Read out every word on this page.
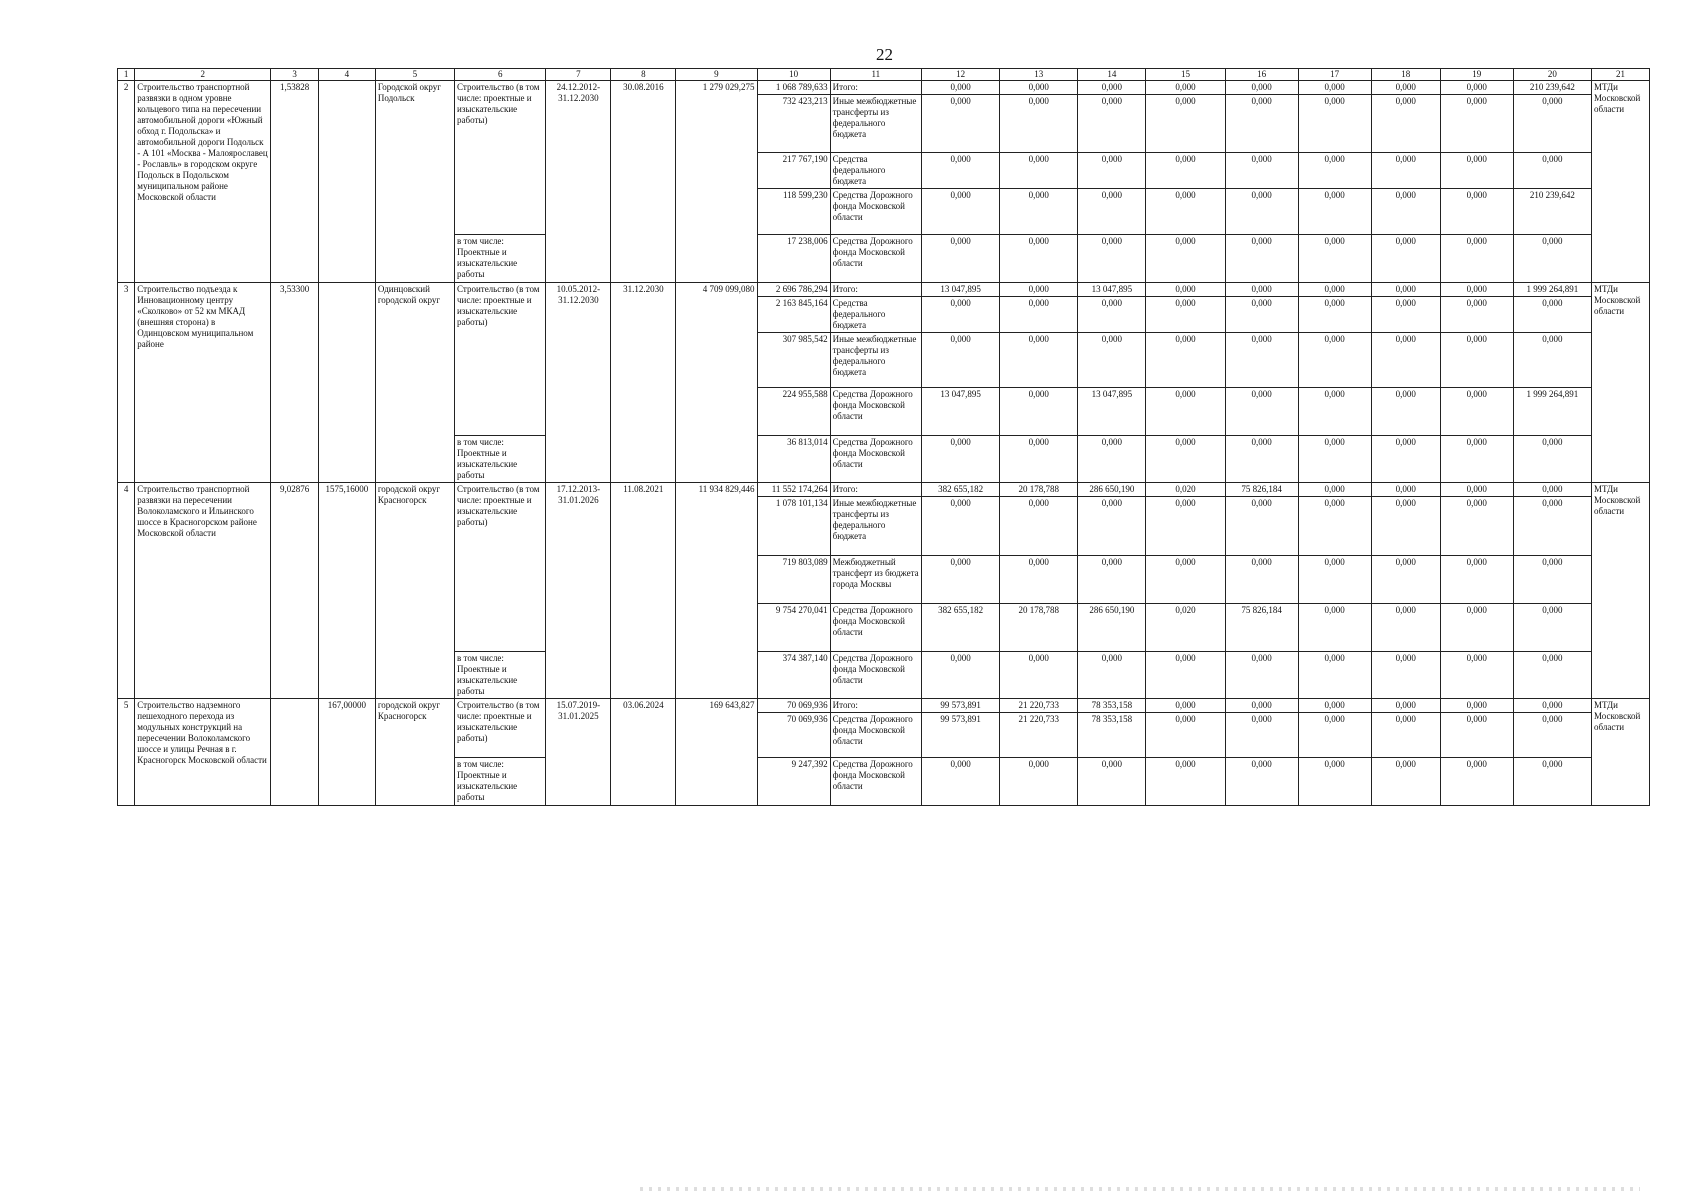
22
1	2	3	4	5	6	7	8	9	10	11	12	13	14	15	16	17	18	19	20	21
2	Строительство транспортной развязки в одном уровне кольцевого типа на пересечении автомобильной дороги «Южный обход г. Подольска» и автомобильной дороги Подольск - А 101 «Москва - Малоярославец - Рославль» в городском округе Подольск в Подольском муниципальном районе Московской области	1,53828		Городской округ Подольск	Строительство (в том числе: проектные и изыскательские работы)	24.12.2012-31.12.2030	30.08.2016	1 279 029,275	1 068 789,633	Итого:	0,000	0,000	0,000	0,000	0,000	0,000	0,000	0,000	210 239,642	МТДи Московской области
									732 423,213	Иные межбюджетные трансферты из федерального бюджета	0,000	0,000	0,000	0,000	0,000	0,000	0,000	0,000	0,000	
									217 767,190	Средства федерального бюджета	0,000	0,000	0,000	0,000	0,000	0,000	0,000	0,000	0,000	
									118 599,230	Средства Дорожного фонда Московской области	0,000	0,000	0,000	0,000	0,000	0,000	0,000	0,000	210 239,642	
					в том числе: Проектные и изыскательские работы				17 238,006	Средства Дорожного фонда Московской области	0,000	0,000	0,000	0,000	0,000	0,000	0,000	0,000	0,000	
3	Строительство подъезда к Инновационному центру «Сколково» от 52 км МКАД (внешняя сторона) в Одинцовском муниципальном районе	3,53300		Одинцовский городской округ	Строительство (в том числе: проектные и изыскательские работы)	10.05.2012-31.12.2030	31.12.2030	4 709 099,080	2 696 786,294	Итого:	13 047,895	0,000	13 047,895	0,000	0,000	0,000	0,000	0,000	1 999 264,891	МТДи Московской области
									2 163 845,164	Средства федерального бюджета	0,000	0,000	0,000	0,000	0,000	0,000	0,000	0,000	0,000	
									307 985,542	Иные межбюджетные трансферты из федерального бюджета	0,000	0,000	0,000	0,000	0,000	0,000	0,000	0,000	0,000	
									224 955,588	Средства Дорожного фонда Московской области	13 047,895	0,000	13 047,895	0,000	0,000	0,000	0,000	0,000	1 999 264,891	
					в том числе: Проектные и изыскательские работы				36 813,014	Средства Дорожного фонда Московской области	0,000	0,000	0,000	0,000	0,000	0,000	0,000	0,000	0,000	
4	Строительство транспортной развязки на пересечении Волоколамского и Ильинского шоссе в Красногорском районе Московской области	9,02876	1575,16000	городской округ Красногорск	Строительство (в том числе: проектные и изыскательские работы)	17.12.2013-31.01.2026	11.08.2021	11 934 829,446	11 552 174,264	Итого:	382 655,182	20 178,788	286 650,190	0,020	75 826,184	0,000	0,000	0,000	0,000	МТДи Московской области
									1 078 101,134	Иные межбюджетные трансферты из федерального бюджета	0,000	0,000	0,000	0,000	0,000	0,000	0,000	0,000	0,000	
									719 803,089	Межбюджетный трансферт из бюджета города Москвы	0,000	0,000	0,000	0,000	0,000	0,000	0,000	0,000	0,000	
									9 754 270,041	Средства Дорожного фонда Московской области	382 655,182	20 178,788	286 650,190	0,020	75 826,184	0,000	0,000	0,000	0,000	
					в том числе: Проектные и изыскательские работы				374 387,140	Средства Дорожного фонда Московской области	0,000	0,000	0,000	0,000	0,000	0,000	0,000	0,000	0,000	
5	Строительство надземного пешеходного перехода из модульных конструкций на пересечении Волоколамского шоссе и улицы Речная в г. Красногорск Московской области		167,00000	городской округ Красногорск	Строительство (в том числе: проектные и изыскательские работы)	15.07.2019-31.01.2025	03.06.2024	169 643,827	70 069,936	Итого:	99 573,891	21 220,733	78 353,158	0,000	0,000	0,000	0,000	0,000	0,000	МТДи Московской области
									70 069,936	Средства Дорожного фонда Московской области	99 573,891	21 220,733	78 353,158	0,000	0,000	0,000	0,000	0,000	0,000	
					в том числе: Проектные и изыскательские работы				9 247,392	Средства Дорожного фонда Московской области	0,000	0,000	0,000	0,000	0,000	0,000	0,000	0,000	0,000	
